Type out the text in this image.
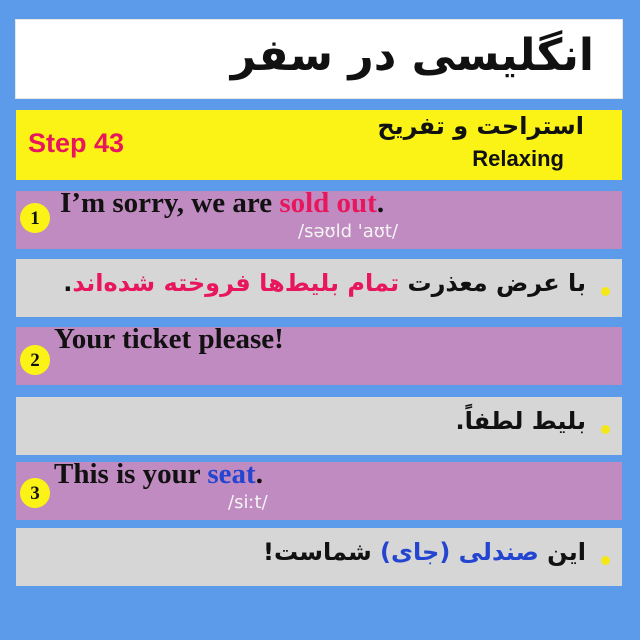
انگلیسی در سفر
Step 43
استراحت و تفریح
Relaxing
1 I’m sorry, we are sold out.
/səʊld 'aʊt/
با عرض معذرت تمام بلیط‌ها فروخته شده‌اند.
2
Your ticket please!
بلیط لطفاً.
3
This is your seat.
/siːt/
این صندلی (جای) شماست!
